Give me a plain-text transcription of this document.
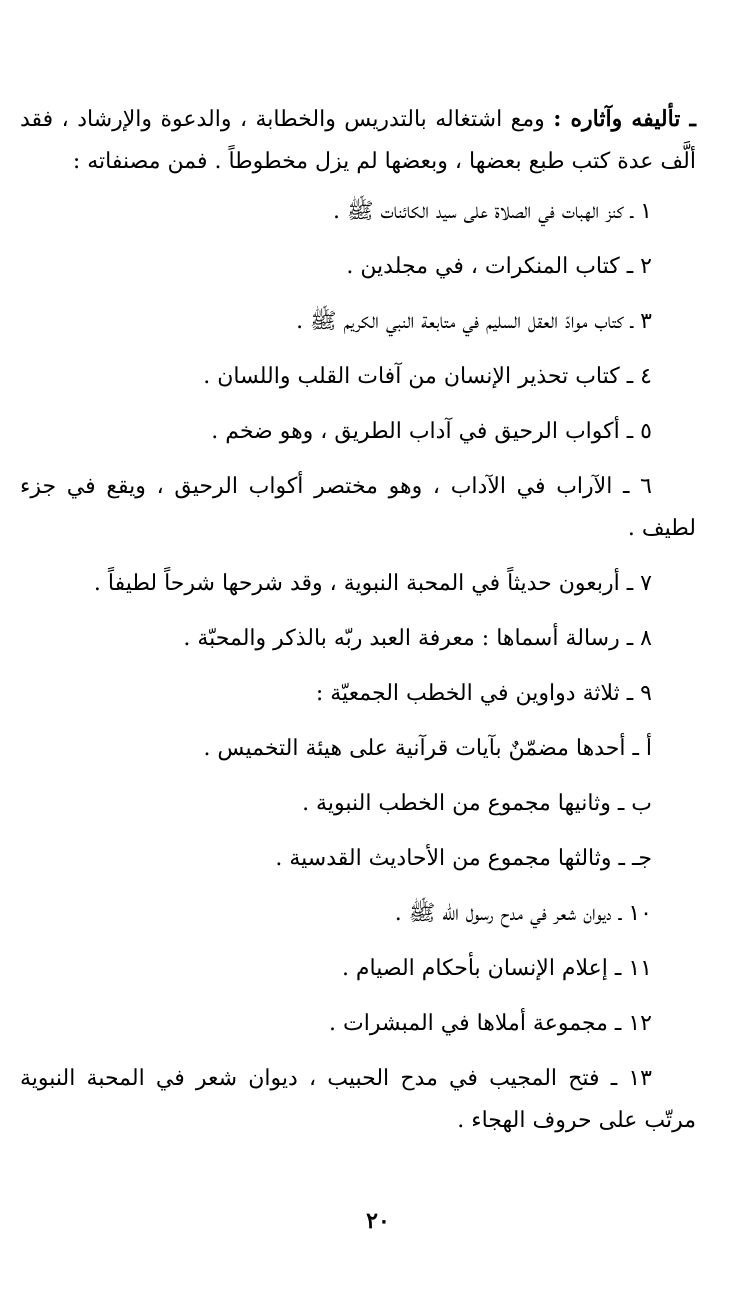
ـ تأليفه وآثاره : ومع اشتغاله بالتدريس والخطابة ، والدعوة والإرشاد ، فقد ألَّف عدة كتب طبع بعضها ، وبعضها لم يزل مخطوطاً . فمن مصنفاته :

١ ـ كنز الهبات في الصلاة على سيد الكائنات ﷺ .

٢ ـ كتاب المنكرات ، في مجلدين .

٣ ـ كتاب موادّ العقل السليم في متابعة النبي الكريم ﷺ .

٤ ـ كتاب تحذير الإنسان من آفات القلب واللسان .

٥ ـ أكواب الرحيق في آداب الطريق ، وهو ضخم .

٦ ـ الآراب في الآداب ، وهو مختصر أكواب الرحيق ، ويقع في جزء لطيف .

٧ ـ أربعون حديثاً في المحبة النبوية ، وقد شرحها شرحاً لطيفاً .

٨ ـ رسالة أسماها : معرفة العبد ربّه بالذكر والمحبّة .

٩ ـ ثلاثة دواوين في الخطب الجمعيّة :

أ ـ أحدها مضمّنٌ بآيات قرآنية على هيئة التخميس .

ب ـ وثانيها مجموع من الخطب النبوية .

جـ ـ وثالثها مجموع من الأحاديث القدسية .

١٠ ـ ديوان شعر في مدح رسول الله ﷺ .

١١ ـ إعلام الإنسان بأحكام الصيام .

١٢ ـ مجموعة أملاها في المبشرات .

١٣ ـ فتح المجيب في مدح الحبيب ، ديوان شعر في المحبة النبوية مرتّب على حروف الهجاء .

٢٠
